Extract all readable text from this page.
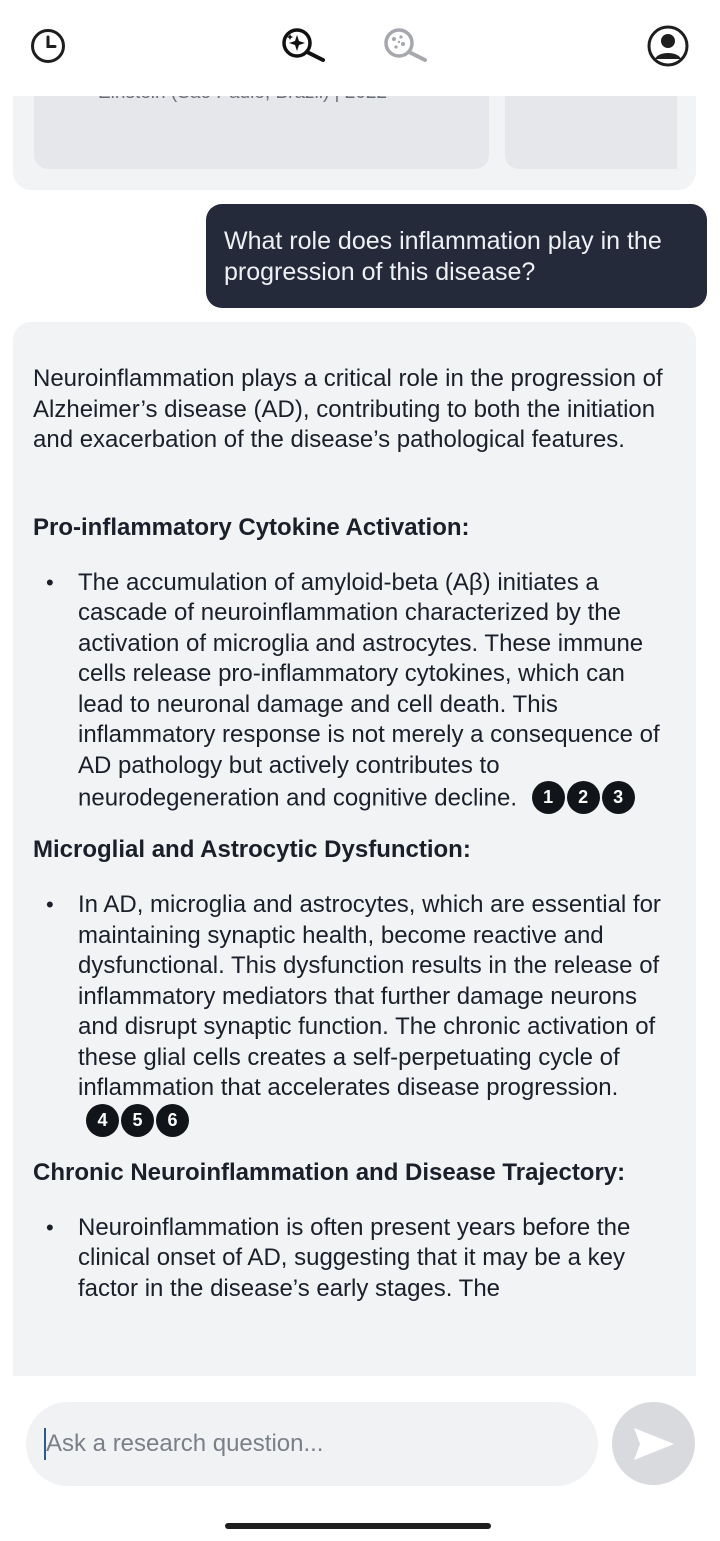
What role does inflammation play in the progression of this disease?

Neuroinflammation plays a critical role in the progression of Alzheimer’s disease (AD), contributing to both the initiation and exacerbation of the disease’s pathological features.

Pro-inflammatory Cytokine Activation:

• The accumulation of amyloid-beta (Aβ) initiates a cascade of neuroinflammation characterized by the activation of microglia and astrocytes. These immune cells release pro-inflammatory cytokines, which can lead to neuronal damage and cell death. This inflammatory response is not merely a consequence of AD pathology but actively contributes to neurodegeneration and cognitive decline.	1	2	3

Microglial and Astrocytic Dysfunction:

• In AD, microglia and astrocytes, which are essential for maintaining synaptic health, become reactive and dysfunctional. This dysfunction results in the release of inflammatory mediators that further damage neurons and disrupt synaptic function. The chronic activation of these glial cells creates a self-perpetuating cycle of inflammation that accelerates disease progression.
4	5	6

Chronic Neuroinflammation and Disease Trajectory:

• Neuroinflammation is often present years before the clinical onset of AD, suggesting that it may be a key factor in the disease’s early stages. The

Ask a research question...
